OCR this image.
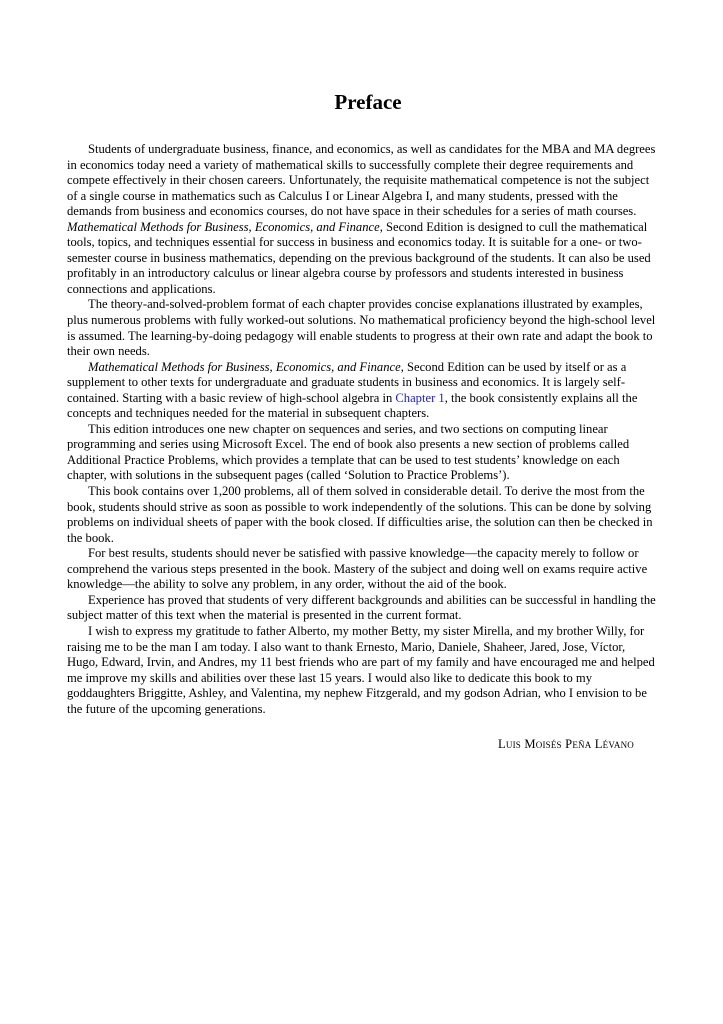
Preface

Students of undergraduate business, finance, and economics, as well as candidates for the MBA and MA degrees in economics today need a variety of mathematical skills to successfully complete their degree requirements and compete effectively in their chosen careers. Unfortunately, the requisite mathematical competence is not the subject of a single course in mathematics such as Calculus I or Linear Algebra I, and many students, pressed with the demands from business and economics courses, do not have space in their schedules for a series of math courses. Mathematical Methods for Business, Economics, and Finance, Second Edition is designed to cull the mathematical tools, topics, and techniques essential for success in business and economics today. It is suitable for a one- or two-semester course in business mathematics, depending on the previous background of the students. It can also be used profitably in an introductory calculus or linear algebra course by professors and students interested in business connections and applications.

The theory-and-solved-problem format of each chapter provides concise explanations illustrated by examples, plus numerous problems with fully worked-out solutions. No mathematical proficiency beyond the high-school level is assumed. The learning-by-doing pedagogy will enable students to progress at their own rate and adapt the book to their own needs.

Mathematical Methods for Business, Economics, and Finance, Second Edition can be used by itself or as a supplement to other texts for undergraduate and graduate students in business and economics. It is largely self-contained. Starting with a basic review of high-school algebra in Chapter 1, the book consistently explains all the concepts and techniques needed for the material in subsequent chapters.

This edition introduces one new chapter on sequences and series, and two sections on computing linear programming and series using Microsoft Excel. The end of book also presents a new section of problems called Additional Practice Problems, which provides a template that can be used to test students’ knowledge on each chapter, with solutions in the subsequent pages (called ‘Solution to Practice Problems’).

This book contains over 1,200 problems, all of them solved in considerable detail. To derive the most from the book, students should strive as soon as possible to work independently of the solutions. This can be done by solving problems on individual sheets of paper with the book closed. If difficulties arise, the solution can then be checked in the book.

For best results, students should never be satisfied with passive knowledge—the capacity merely to follow or comprehend the various steps presented in the book. Mastery of the subject and doing well on exams require active knowledge—the ability to solve any problem, in any order, without the aid of the book.

Experience has proved that students of very different backgrounds and abilities can be successful in handling the subject matter of this text when the material is presented in the current format.

I wish to express my gratitude to father Alberto, my mother Betty, my sister Mirella, and my brother Willy, for raising me to be the man I am today. I also want to thank Ernesto, Mario, Daniele, Shaheer, Jared, Jose, Víctor, Hugo, Edward, Irvin, and Andres, my 11 best friends who are part of my family and have encouraged me and helped me improve my skills and abilities over these last 15 years. I would also like to dedicate this book to my goddaughters Briggitte, Ashley, and Valentina, my nephew Fitzgerald, and my godson Adrian, who I envision to be the future of the upcoming generations.

Luis Moisés Peña Lévano
